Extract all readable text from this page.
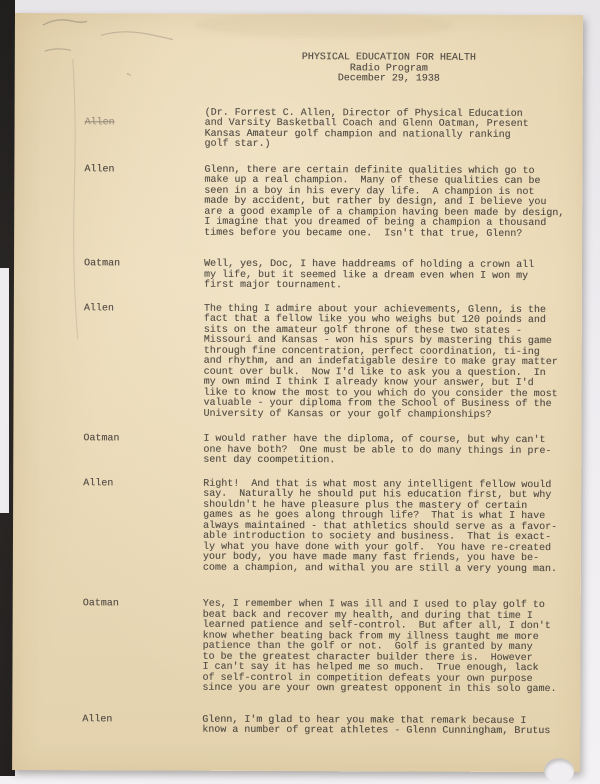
PHYSICAL EDUCATION FOR HEALTH
Radio Program
December 29, 1938
Allen
(Dr. Forrest C. Allen, Director of Physical Education
and Varsity Basketball Coach and Glenn Oatman, Present
Kansas Amateur golf champion and nationally ranking
golf star.)
Allen	Glenn, there are certain definite qualities which go to
make up a real champion.  Many of these qualities can be
seen in a boy in his every day life.  A champion is not
made by accident, but rather by design, and I believe you
are a good example of a champion having been made by design,
I imagine that you dreamed of being a champion a thousand
times before you became one.  Isn't that true, Glenn?
Oatman	Well, yes, Doc, I have haddreams of holding a crown all
my life, but it seemed like a dream even when I won my
first major tournament.
Allen	The thing I admire about your achievements, Glenn, is the
fact that a fellow like you who weighs but 120 poinds and
sits on the amateur golf throne of these two states -
Missouri and Kansas - won his spurs by mastering this game
through fine concentration, perfect coordination, ti-ing
and rhythm, and an indefatigable desire to make gray matter
count over bulk.  Now I'd like to ask you a question.  In
my own mind I think I already know your answer, but I'd
like to know the most to you which do you consider the most
valuable - your diploma from the School of Business of the
University of Kansas or your golf championships?
Oatman	I would rather have the diploma, of course, but why can't
one have both?  One must be able to do many things in pre-
sent day coompetition.
Allen	Right!  And that is what most any intelligent fellow would
say.  Naturally he should put his education first, but why
shouldn't he have pleasure plus the mastery of certain
games as he goes along through life?  That is what I have
always maintained - that athletics should serve as a favor-
able introduction to society and business.  That is exact-
ly what you have done with your golf.  You have re-created
your body, you have made many fast friends, you have be-
come a champion, and withal you are still a very young man.
Oatman	Yes, I remember when I was ill and I used to play golf to
beat back and recover my health, and during that time I
learned patience and self-control.  But after all, I don't
know whether beating back from my illness taught me more
patience than the golf or not.  Golf is granted by many
to be the greatest character builder there is.  However
I can't say it has helped me so much.  True enough, lack
of self-control in competition defeats your own purpose
since you are your own greatest opponent in this solo game.
Allen	Glenn, I'm glad to hear you make that remark because I
know a number of great athletes - Glenn Cunningham, Brutus
